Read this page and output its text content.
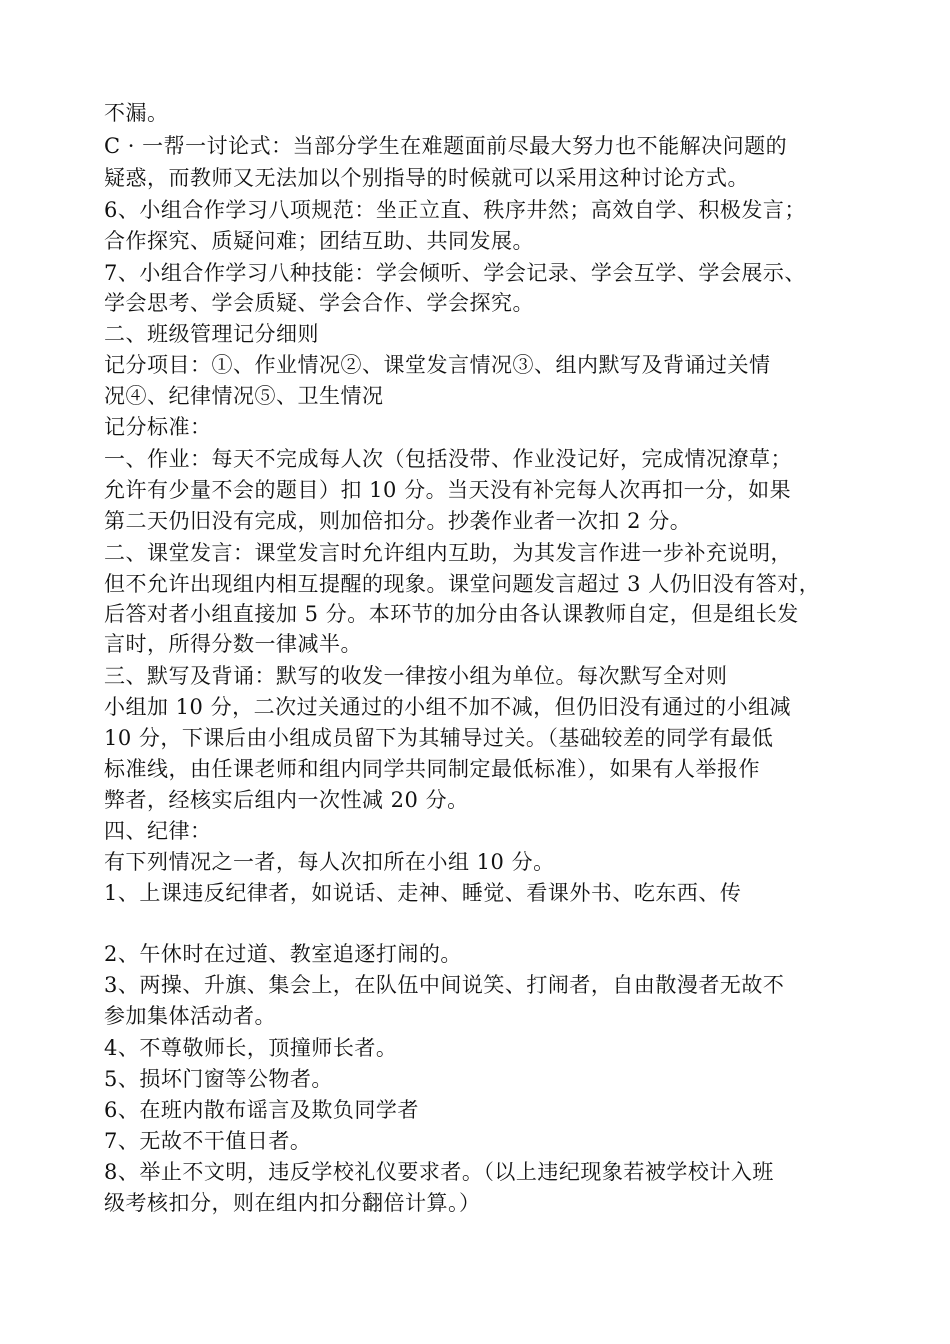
不漏。
C · 一帮一讨论式：当部分学生在难题面前尽最大努力也不能解决问题的
疑惑，而教师又无法加以个别指导的时候就可以采用这种讨论方式。
6、小组合作学习八项规范：坐正立直、秩序井然；高效自学、积极发言；
合作探究、质疑问难；团结互助、共同发展。
7、小组合作学习八种技能：学会倾听、学会记录、学会互学、学会展示、
学会思考、学会质疑、学会合作、学会探究。
二、班级管理记分细则
记分项目：①、作业情况②、课堂发言情况③、组内默写及背诵过关情
况④、纪律情况⑤、卫生情况
记分标准：
一、作业：每天不完成每人次（包括没带、作业没记好，完成情况潦草；
允许有少量不会的题目）扣 10 分。当天没有补完每人次再扣一分，如果
第二天仍旧没有完成，则加倍扣分。抄袭作业者一次扣 2 分。
二、课堂发言：课堂发言时允许组内互助，为其发言作进一步补充说明，
但不允许出现组内相互提醒的现象。课堂问题发言超过 3 人仍旧没有答对，
后答对者小组直接加 5 分。本环节的加分由各认课教师自定，但是组长发
言时，所得分数一律减半。
三、默写及背诵：默写的收发一律按小组为单位。每次默写全对则
小组加 10 分，二次过关通过的小组不加不减，但仍旧没有通过的小组减
10 分，下课后由小组成员留下为其辅导过关。（基础较差的同学有最低
标准线，由任课老师和组内同学共同制定最低标准），如果有人举报作
弊者，经核实后组内一次性减 20 分。
四、纪律：
有下列情况之一者，每人次扣所在小组 10 分。
1、上课违反纪律者，如说话、走神、睡觉、看课外书、吃东西、传
2、午休时在过道、教室追逐打闹的。
3、两操、升旗、集会上，在队伍中间说笑、打闹者，自由散漫者无故不
参加集体活动者。
4、不尊敬师长，顶撞师长者。
5、损坏门窗等公物者。
6、在班内散布谣言及欺负同学者
7、无故不干值日者。
8、举止不文明，违反学校礼仪要求者。（以上违纪现象若被学校计入班
级考核扣分，则在组内扣分翻倍计算。）
